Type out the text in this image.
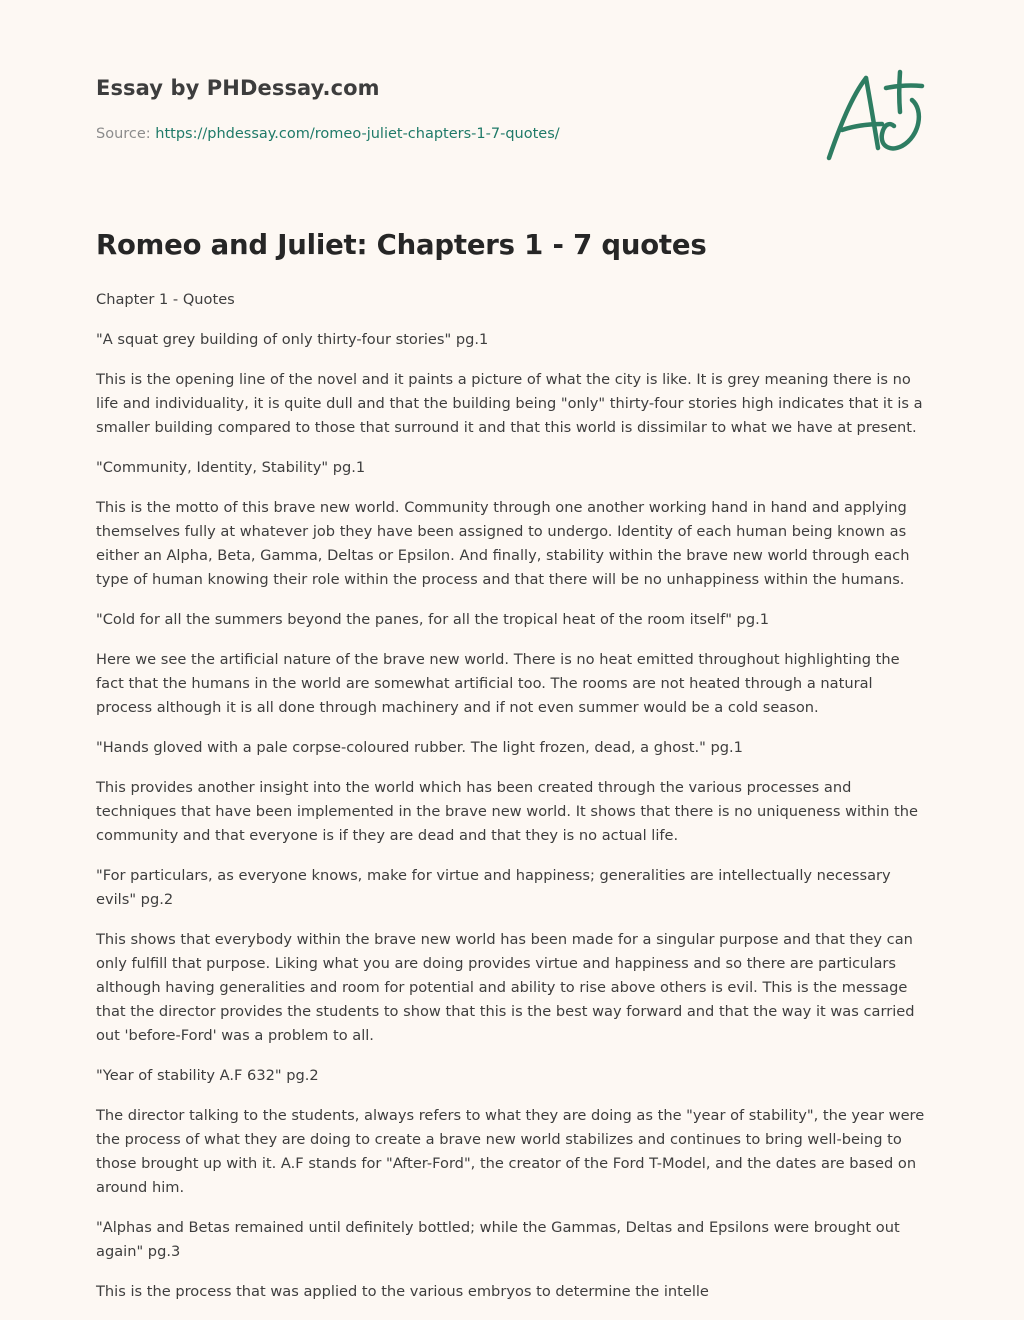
Essay by PHDessay.com
Source: https://phdessay.com/romeo-juliet-chapters-1-7-quotes/
Romeo and Juliet: Chapters 1 - 7 quotes

Chapter 1 - Quotes

"A squat grey building of only thirty-four stories" pg.1

This is the opening line of the novel and it paints a picture of what the city is like. It is grey meaning there is no life and individuality, it is quite dull and that the building being "only" thirty-four stories high indicates that it is a smaller building compared to those that surround it and that this world is dissimilar to what we have at present.

"Community, Identity, Stability" pg.1

This is the motto of this brave new world. Community through one another working hand in hand and applying themselves fully at whatever job they have been assigned to undergo. Identity of each human being known as either an Alpha, Beta, Gamma, Deltas or Epsilon. And finally, stability within the brave new world through each type of human knowing their role within the process and that there will be no unhappiness within the humans.

"Cold for all the summers beyond the panes, for all the tropical heat of the room itself" pg.1

Here we see the artificial nature of the brave new world. There is no heat emitted throughout highlighting the fact that the humans in the world are somewhat artificial too. The rooms are not heated through a natural process although it is all done through machinery and if not even summer would be a cold season.

"Hands gloved with a pale corpse-coloured rubber. The light frozen, dead, a ghost." pg.1

This provides another insight into the world which has been created through the various processes and techniques that have been implemented in the brave new world. It shows that there is no uniqueness within the community and that everyone is if they are dead and that they is no actual life.

"For particulars, as everyone knows, make for virtue and happiness; generalities are intellectually necessary evils" pg.2

This shows that everybody within the brave new world has been made for a singular purpose and that they can only fulfill that purpose. Liking what you are doing provides virtue and happiness and so there are particulars although having generalities and room for potential and ability to rise above others is evil. This is the message that the director provides the students to show that this is the best way forward and that the way it was carried out 'before-Ford' was a problem to all.

"Year of stability A.F 632" pg.2

The director talking to the students, always refers to what they are doing as the "year of stability", the year were the process of what they are doing to create a brave new world stabilizes and continues to bring well-being to those brought up with it. A.F stands for "After-Ford", the creator of the Ford T-Model, and the dates are based on around him.

"Alphas and Betas remained until definitely bottled; while the Gammas, Deltas and Epsilons were brought out again" pg.3

This is the process that was applied to the various embryos to determine the intelle
